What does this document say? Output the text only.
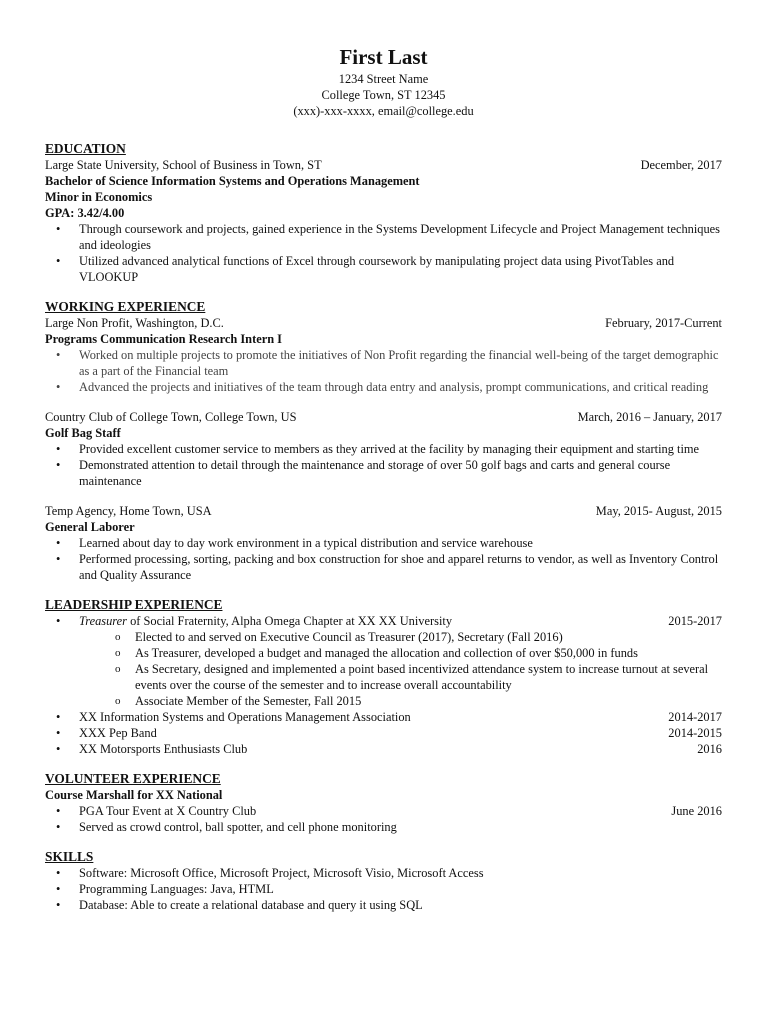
First Last
1234 Street Name
College Town, ST 12345
(xxx)-xxx-xxxx, email@college.edu
EDUCATION
Large State University, School of Business in Town, ST	December, 2017
Bachelor of Science Information Systems and Operations Management
Minor in Economics
GPA: 3.42/4.00
• Through coursework and projects, gained experience in the Systems Development Lifecycle and Project Management techniques and ideologies
• Utilized advanced analytical functions of Excel through coursework by manipulating project data using PivotTables and VLOOKUP
WORKING EXPERIENCE
Large Non Profit, Washington, D.C.	February, 2017-Current
Programs Communication Research Intern I
• Worked on multiple projects to promote the initiatives of Non Profit regarding the financial well-being of the target demographic as a part of the Financial team
• Advanced the projects and initiatives of the team through data entry and analysis, prompt communications, and critical reading
Country Club of College Town, College Town, US	March, 2016 – January, 2017
Golf Bag Staff
• Provided excellent customer service to members as they arrived at the facility by managing their equipment and starting time
• Demonstrated attention to detail through the maintenance and storage of over 50 golf bags and carts and general course maintenance
Temp Agency, Home Town, USA	May, 2015- August, 2015
General Laborer
• Learned about day to day work environment in a typical distribution and service warehouse
• Performed processing, sorting, packing and box construction for shoe and apparel returns to vendor, as well as Inventory Control and Quality Assurance
LEADERSHIP EXPERIENCE
• Treasurer of Social Fraternity, Alpha Omega Chapter at XX XX University	2015-2017
o Elected to and served on Executive Council as Treasurer (2017), Secretary (Fall 2016)
o As Treasurer, developed a budget and managed the allocation and collection of over $50,000 in funds
o As Secretary, designed and implemented a point based incentivized attendance system to increase turnout at several events over the course of the semester and to increase overall accountability
o Associate Member of the Semester, Fall 2015
• XX Information Systems and Operations Management Association	2014-2017
• XXX Pep Band	2014-2015
• XX Motorsports Enthusiasts Club	2016
VOLUNTEER EXPERIENCE
Course Marshall for XX National
• PGA Tour Event at X Country Club	June 2016
• Served as crowd control, ball spotter, and cell phone monitoring
SKILLS
• Software: Microsoft Office, Microsoft Project, Microsoft Visio, Microsoft Access
• Programming Languages: Java, HTML
• Database: Able to create a relational database and query it using SQL
